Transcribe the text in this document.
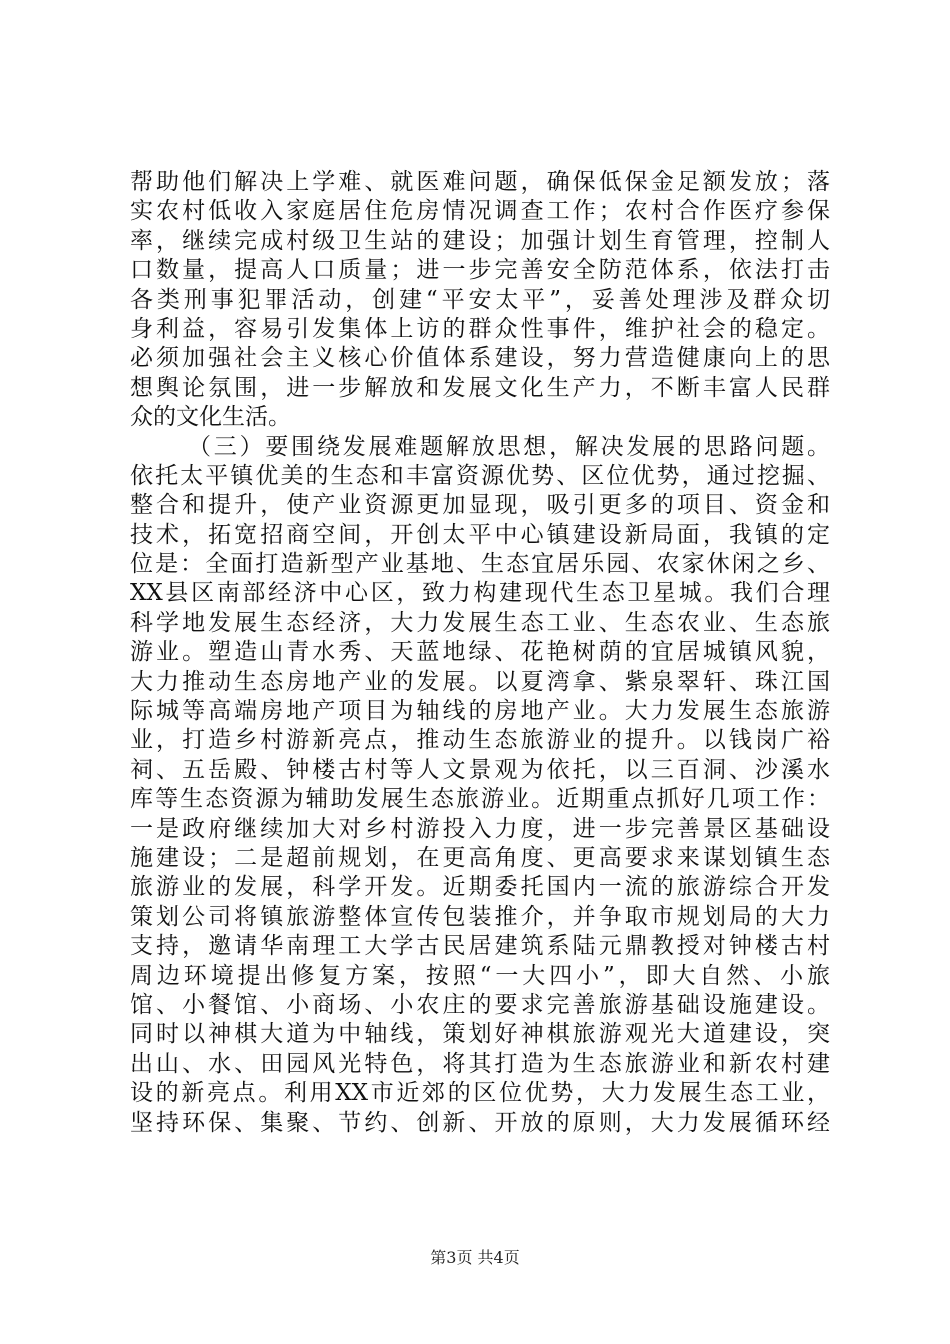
帮助他们解决上学难、就医难问题，确保低保金足额发放；落
实农村低收入家庭居住危房情况调查工作；农村合作医疗参保
率，继续完成村级卫生站的建设；加强计划生育管理，控制人
口数量，提高人口质量；进一步完善安全防范体系，依法打击
各类刑事犯罪活动，创建“平安太平”，妥善处理涉及群众切
身利益，容易引发集体上访的群众性事件，维护社会的稳定。
必须加强社会主义核心价值体系建设，努力营造健康向上的思
想舆论氛围，进一步解放和发展文化生产力，不断丰富人民群
众的文化生活。
（三）要围绕发展难题解放思想，解决发展的思路问题。
依托太平镇优美的生态和丰富资源优势、区位优势，通过挖掘、
整合和提升，使产业资源更加显现，吸引更多的项目、资金和
技术，拓宽招商空间，开创太平中心镇建设新局面，我镇的定
位是：全面打造新型产业基地、生态宜居乐园、农家休闲之乡、
XX县区南部经济中心区，致力构建现代生态卫星城。我们合理
科学地发展生态经济，大力发展生态工业、生态农业、生态旅
游业。塑造山青水秀、天蓝地绿、花艳树荫的宜居城镇风貌，
大力推动生态房地产业的发展。以夏湾拿、紫泉翠轩、珠江国
际城等高端房地产项目为轴线的房地产业。大力发展生态旅游
业，打造乡村游新亮点，推动生态旅游业的提升。以钱岗广裕
祠、五岳殿、钟楼古村等人文景观为依托，以三百洞、沙溪水
库等生态资源为辅助发展生态旅游业。近期重点抓好几项工作：
一是政府继续加大对乡村游投入力度，进一步完善景区基础设
施建设；二是超前规划，在更高角度、更高要求来谋划镇生态
旅游业的发展，科学开发。近期委托国内一流的旅游综合开发
策划公司将镇旅游整体宣传包装推介，并争取市规划局的大力
支持，邀请华南理工大学古民居建筑系陆元鼎教授对钟楼古村
周边环境提出修复方案，按照“一大四小”，即大自然、小旅
馆、小餐馆、小商场、小农庄的要求完善旅游基础设施建设。
同时以神棋大道为中轴线，策划好神棋旅游观光大道建设，突
出山、水、田园风光特色，将其打造为生态旅游业和新农村建
设的新亮点。利用XX市近郊的区位优势，大力发展生态工业，
坚持环保、集聚、节约、创新、开放的原则，大力发展循环经
第3页 共4页
